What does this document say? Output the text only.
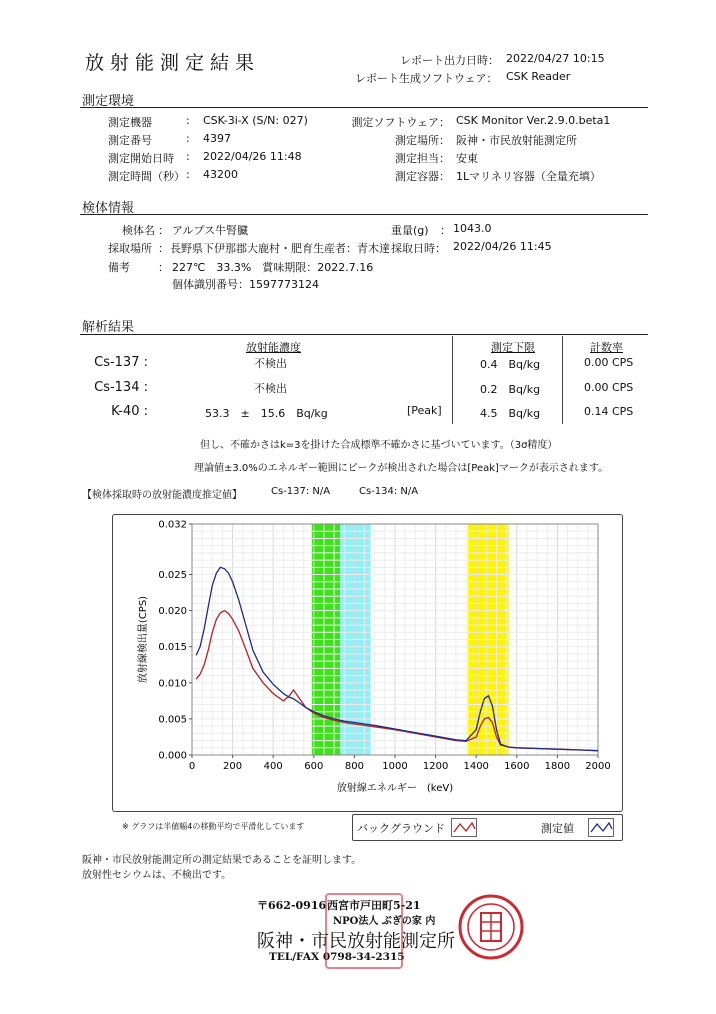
放射能測定結果	レポート出力日時： 2022/04/27 10:15
レポート生成ソフトウェア： CSK Reader
測定環境
測定機器	: CSK-3i-X (S/N: 027)
測定番号	: 4397
測定開始日時 : 2022/04/26 11:48
測定時間（秒） : 43200
測定ソフトウェア： CSK Monitor Ver.2.9.0.beta1
測定場所： 阪神・市民放射能測定所
測定担当： 安東
測定容器： 1Lマリネリ容器（全量充填）
検体情報
検体名 ： アルプス牛腎臓	重量(g) ： 1043.0
採取場所 ： 長野県下伊那郡大鹿村・肥育生産者：青木達 採取日時： 2022/04/26 11:45
備考	： 227℃　33.3%　賞味期限：2022.7.16
個体識別番号：1597773124
解析結果
放射能濃度	測定下限	計数率
Cs-137 :	不検出	0.4　Bq/kg	0.00 CPS
Cs-134 :	不検出	0.2　Bq/kg	0.00 CPS
K-40 :	53.3　±　15.6　Bq/kg	[Peak]	4.5　Bq/kg	0.14 CPS
但し、不確かさはk=3を掛けた合成標準不確かさに基づいています。（3σ精度）
理論値±3.0%のエネルギー範囲にピークが検出された場合は[Peak]マークが表示されます。
【検体採取時の放射能濃度推定値】	Cs-137: N/A	Cs-134: N/A
0	200 400 600 800 1000 1200 1400 1600 1800 2000
0.000
0.005
0.010
0.015
0.020
0.025
0.032
放射線エネルギー　(keV)
放射線検出量(CPS)
※ グラフは半値幅4の移動平均で平滑化しています	バックグラウンド	測定値
阪神・市民放射能測定所の測定結果であることを証明します。
放射性セシウムは、不検出です。
〒662-0916 西宮市戸田町5-21
NPO法人 ぶぎの家 内
阪神・市民放射能測定所
TEL/FAX 0798-34-2315
